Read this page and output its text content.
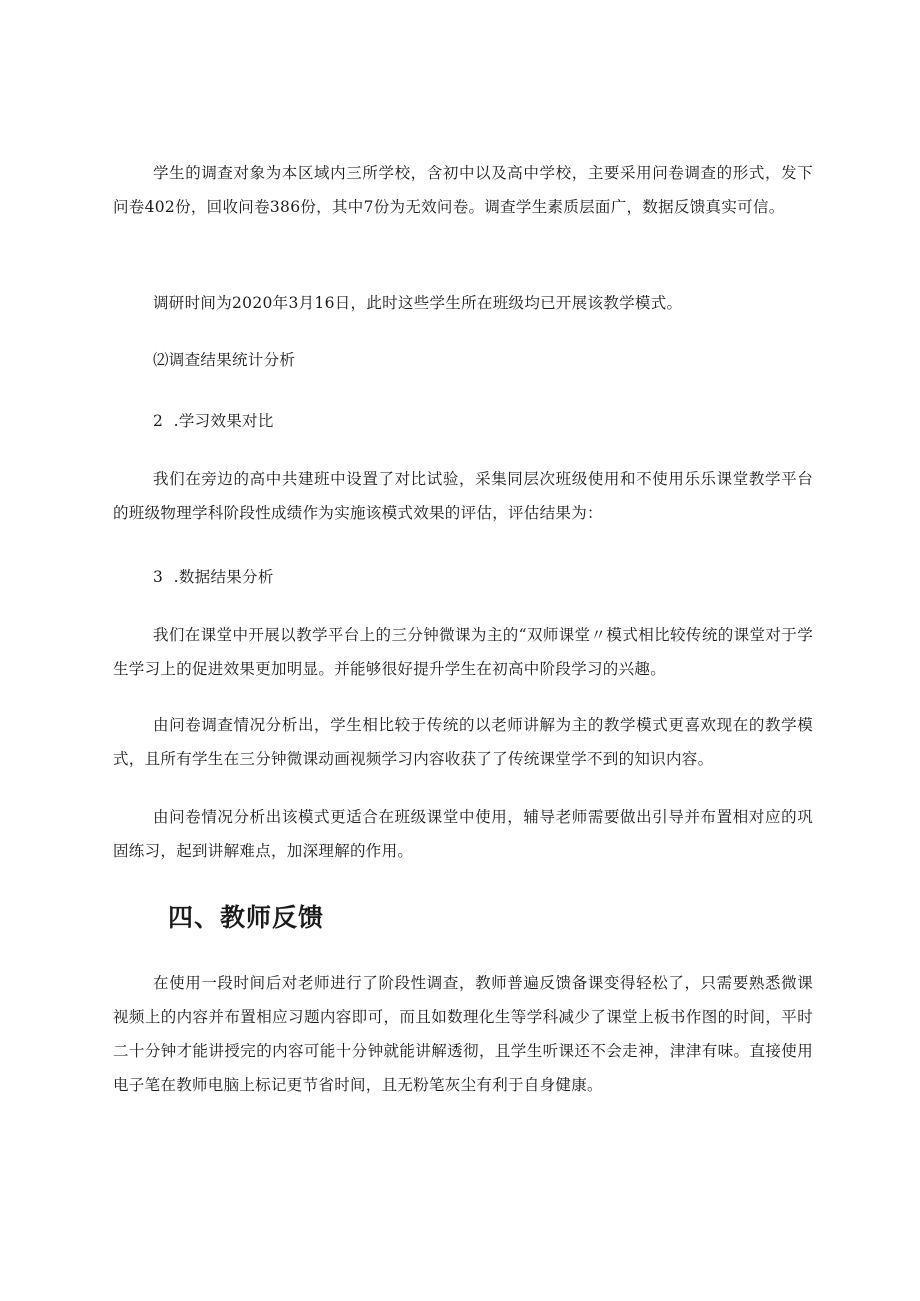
学生的调查对象为本区域内三所学校，含初中以及高中学校，主要采用问卷调查的形式，发下问卷402份，回收问卷386份，其中7份为无效问卷。调查学生素质层面广，数据反馈真实可信。

调研时间为2020年3月16日，此时这些学生所在班级均已开展该教学模式。

⑵调查结果统计分析

2  .学习效果对比

我们在旁边的高中共建班中设置了对比试验，采集同层次班级使用和不使用乐乐课堂教学平台的班级物理学科阶段性成绩作为实施该模式效果的评估，评估结果为：

3  .数据结果分析

我们在课堂中开展以教学平台上的三分钟微课为主的“双师课堂〃模式相比较传统的课堂对于学生学习上的促进效果更加明显。并能够很好提升学生在初高中阶段学习的兴趣。

由问卷调查情况分析出，学生相比较于传统的以老师讲解为主的教学模式更喜欢现在的教学模式，且所有学生在三分钟微课动画视频学习内容收获了了传统课堂学不到的知识内容。

由问卷情况分析出该模式更适合在班级课堂中使用，辅导老师需要做出引导并布置相对应的巩固练习，起到讲解难点，加深理解的作用。

四、教师反馈

在使用一段时间后对老师进行了阶段性调查，教师普遍反馈备课变得轻松了，只需要熟悉微课视频上的内容并布置相应习题内容即可，而且如数理化生等学科减少了课堂上板书作图的时间，平时二十分钟才能讲授完的内容可能十分钟就能讲解透彻，且学生听课还不会走神，津津有味。直接使用电子笔在教师电脑上标记更节省时间，且无粉笔灰尘有利于自身健康。
